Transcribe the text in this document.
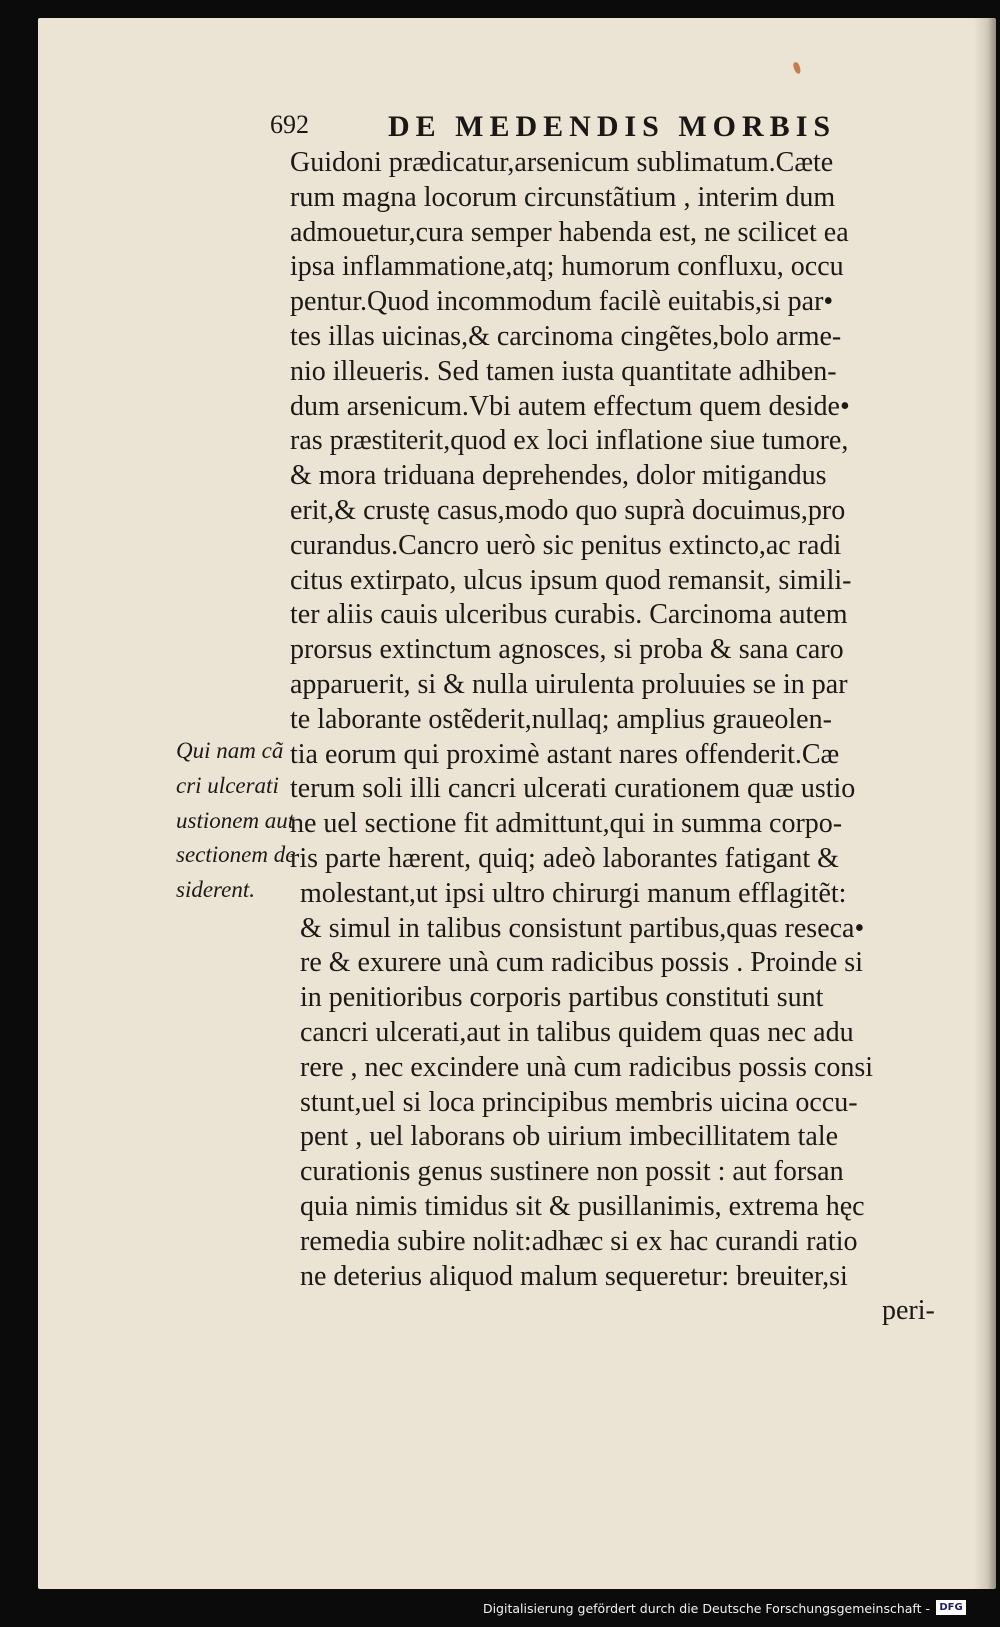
692	DE MEDENDIS MORBIS
Guidoni prædicatur,arsenicum sublimatum.Cæte
rum magna locorum circunstãtium , interim dum
admouetur,cura semper habenda est, ne scilicet ea
ipsa inflammatione,atq; humorum confluxu, occu
pentur.Quod incommodum facilè euitabis,si par•
tes illas uicinas,& carcinoma cingẽtes,bolo arme-
nio illeueris. Sed tamen iusta quantitate adhiben-
dum arsenicum.Vbi autem effectum quem deside•
ras præstiterit,quod ex loci inflatione siue tumore,
& mora triduana deprehendes, dolor mitigandus
erit,& crustę casus,modo quo suprà docuimus,pro
curandus.Cancro uerò sic penitus extincto,ac radi
citus extirpato, ulcus ipsum quod remansit, simili-
ter aliis cauis ulceribus curabis. Carcinoma autem
prorsus extinctum agnosces, si proba & sana caro
apparuerit, si & nulla uirulenta proluuies se in par
te laborante ostẽderit,nullaq; amplius graueolen-
tia eorum qui proximè astant nares offenderit.Cæ
terum soli illi cancri ulcerati curationem quæ ustio
ne uel sectione fit admittunt,qui in summa corpo-
ris parte hærent, quiq; adeò laborantes fatigant &
molestant,ut ipsi ultro chirurgi manum efflagitẽt:
& simul in talibus consistunt partibus,quas reseca•
re & exurere unà cum radicibus possis . Proinde si
in penitioribus corporis partibus constituti sunt
cancri ulcerati,aut in talibus quidem quas nec adu
rere , nec excindere unà cum radicibus possis consi
stunt,uel si loca principibus membris uicina occu-
pent , uel laborans ob uirium imbecillitatem tale
curationis genus sustinere non possit : aut forsan
quia nimis timidus sit & pusillanimis, extrema hęc
remedia subire nolit:adhæc si ex hac curandi ratio
ne deterius aliquod malum sequeretur: breuiter,si
peri-
Qui nam cã
cri ulcerati
ustionem aut
sectionem de
siderent.
Digitalisierung gefördert durch die Deutsche Forschungsgemeinschaft - DFG
